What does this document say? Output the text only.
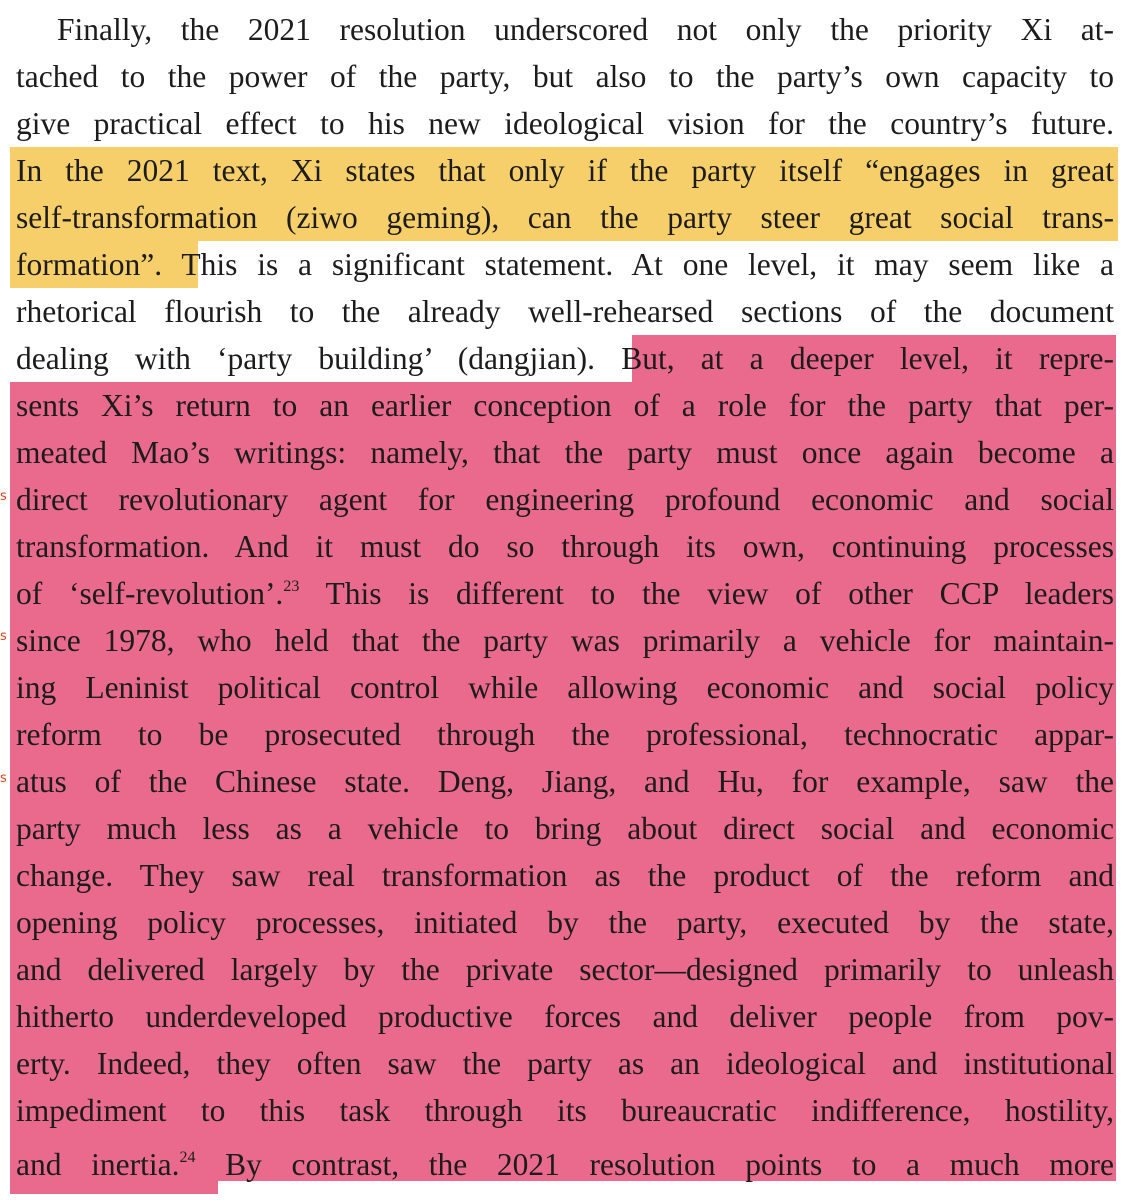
Finally, the 2021 resolution underscored not only the priority Xi at-
tached to the power of the party, but also to the party’s own capacity to
give practical effect to his new ideological vision for the country’s future.
In the 2021 text, Xi states that only if the party itself “engages in great
self-transformation (ziwo geming), can the party steer great social trans-
formation”. This is a significant statement. At one level, it may seem like a
rhetorical flourish to the already well-rehearsed sections of the document
dealing with ‘party building’ (dangjian). But, at a deeper level, it repre-
sents Xi’s return to an earlier conception of a role for the party that per-
meated Mao’s writings: namely, that the party must once again become a
direct revolutionary agent for engineering profound economic and social
transformation. And it must do so through its own, continuing processes
of ‘self-revolution’.$^{23}$ This is different to the view of other CCP leaders
since 1978, who held that the party was primarily a vehicle for maintain-
ing Leninist political control while allowing economic and social policy
reform to be prosecuted through the professional, technocratic appar-
atus of the Chinese state. Deng, Jiang, and Hu, for example, saw the
party much less as a vehicle to bring about direct social and economic
change. They saw real transformation as the product of the reform and
opening policy processes, initiated by the party, executed by the state,
and delivered largely by the private sector—designed primarily to unleash
hitherto underdeveloped productive forces and deliver people from pov-
erty. Indeed, they often saw the party as an ideological and institutional
impediment to this task through its bureaucratic indifference, hostility,
and inertia.$^{24}$ By contrast, the 2021 resolution points to a much more
s
s
s
